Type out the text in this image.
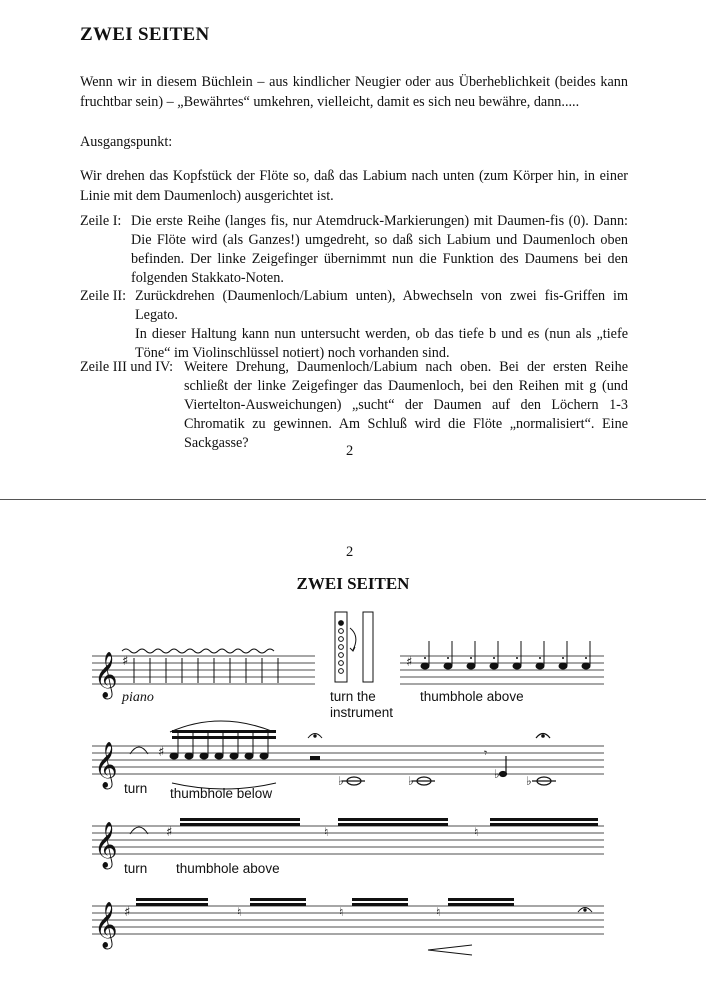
ZWEI SEITEN

Wenn wir in diesem Büchlein – aus kindlicher Neugier oder aus Überheblichkeit (beides kann fruchtbar sein) – „Bewährtes“ umkehren, vielleicht, damit es sich neu bewähre, dann.....

Ausgangspunkt:

Wir drehen das Kopfstück der Flöte so, daß das Labium nach unten (zum Körper hin, in einer Linie mit dem Daumenloch) ausgerichtet ist.

Zeile I: Die erste Reihe (langes fis, nur Atemdruck-Markierungen) mit Daumen-fis (0). Dann: Die Flöte wird (als Ganzes!) umgedreht, so daß sich Labium und Daumenloch oben befinden. Der linke Zeigefinger übernimmt nun die Funktion des Daumens bei den folgenden Stakkato-Noten.

Zeile II: Zurückdrehen (Daumenloch/Labium unten), Abwechseln von zwei fis-Griffen im Legato.

In dieser Haltung kann nun untersucht werden, ob das tiefe b und es (nun als „tiefe Töne“ im Violinschlüssel notiert) noch vorhanden sind.

Zeile III und IV: Weitere Drehung, Daumenloch/Labium nach oben. Bei der ersten Reihe schließt der linke Zeigefinger das Daumenloch, bei den Reihen mit g (und Viertelton-Ausweichungen) „sucht“ der Daumen auf den Löchern 1-3 Chromatik zu gewinnen. Am Schluß wird die Flöte „normalisiert“. Eine Sackgasse?	2
2
ZWEI SEITEN
𝄞 ♯
piano	turn the
instrument
♯
thumbhole above
𝄞
turn
♯
thumbhole below
♭	♭
𝄾
♭ ♭
𝄞
turn
♯	♮	♮
thumbhole above
𝄞 ♯	♮	♮	♮
